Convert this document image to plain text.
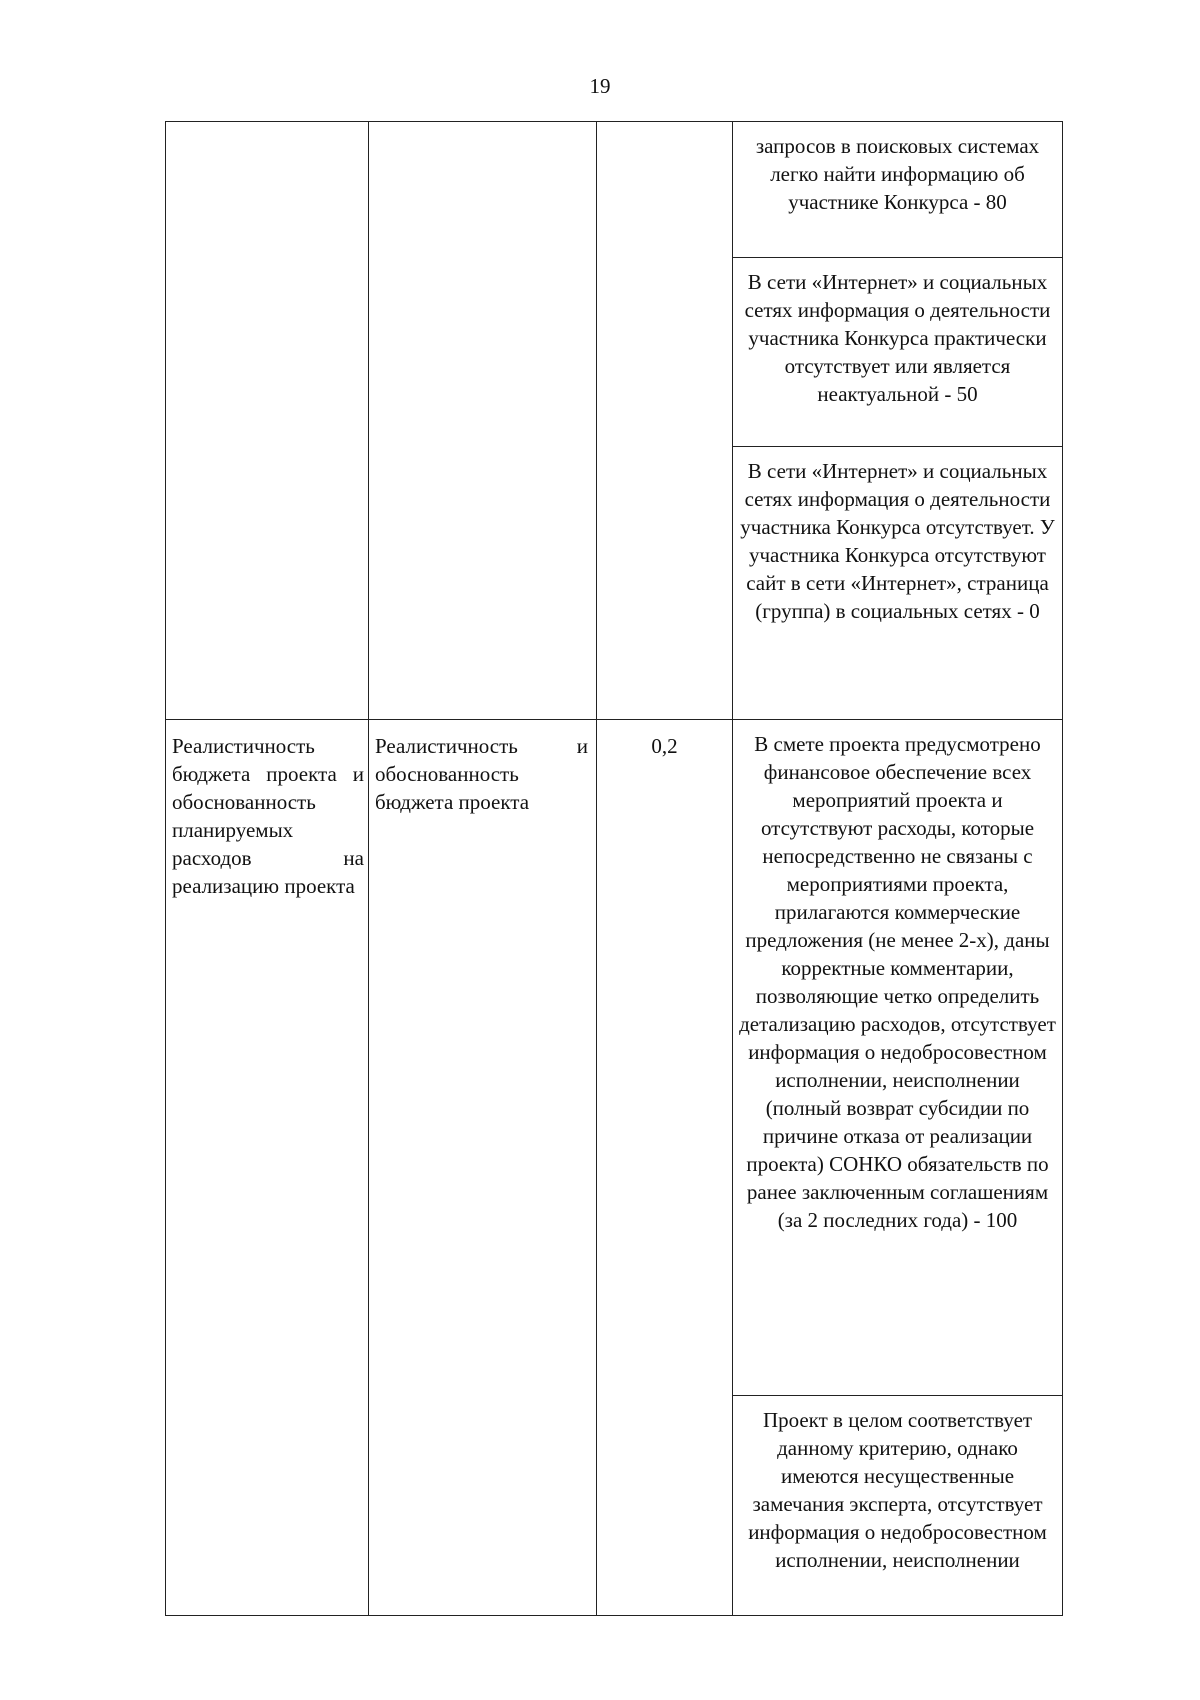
19
			запросов в поисковых системах легко найти информацию об участнике Конкурса - 80
			В сети «Интернет» и социальных сетях информация о деятельности участника Конкурса практически отсутствует или является неактуальной - 50
			В сети «Интернет» и социальных сетях информация о деятельности участника Конкурса отсутствует. У участника Конкурса отсутствуют сайт в сети «Интернет», страница (группа) в социальных сетях - 0
Реалистичность бюджета проекта и обоснованность планируемых расходов на реализацию проекта	Реалистичность и обоснованность бюджета проекта	0,2	В смете проекта предусмотрено финансовое обеспечение всех мероприятий проекта и отсутствуют расходы, которые непосредственно не связаны с мероприятиями проекта, прилагаются коммерческие предложения (не менее 2-х), даны корректные комментарии, позволяющие четко определить детализацию расходов, отсутствует информация о недобросовестном исполнении, неисполнении (полный возврат субсидии по причине отказа от реализации проекта) СОНКО обязательств по ранее заключенным соглашениям (за 2 последних года) - 100
			Проект в целом соответствует данному критерию, однако имеются несущественные замечания эксперта, отсутствует информация о недобросовестном исполнении, неисполнении
